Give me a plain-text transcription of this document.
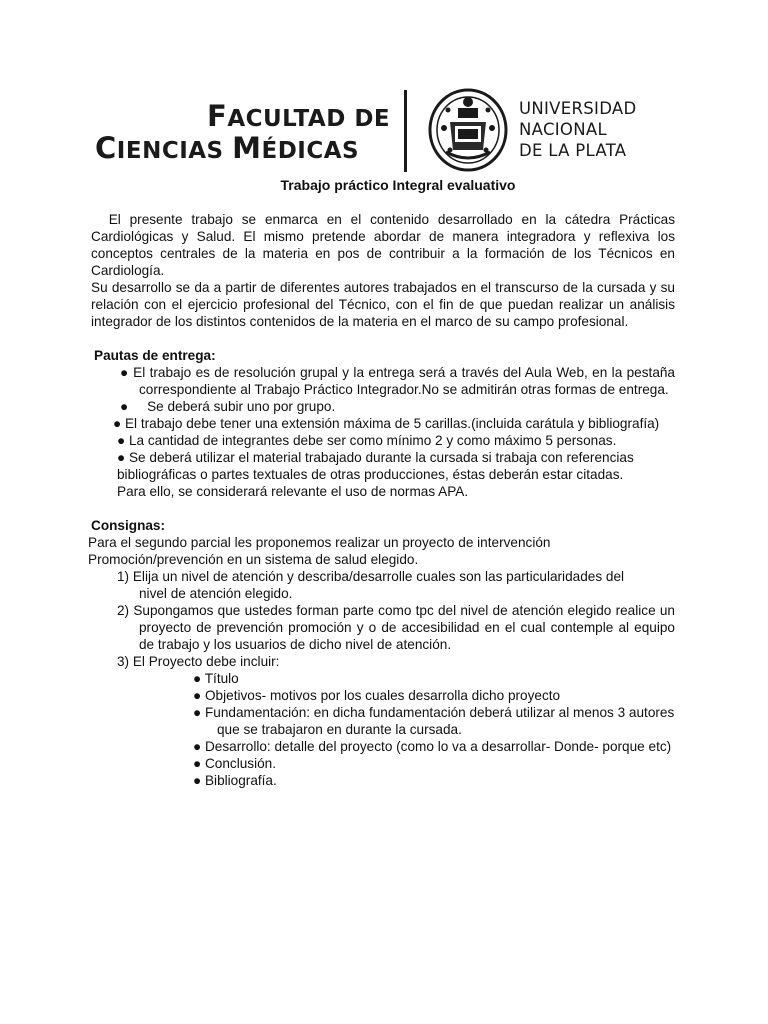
FACULTAD DE
CIENCIAS MÉDICAS
UNIVERSIDAD
NACIONAL
DE LA PLATA
Trabajo práctico Integral evaluativo

El presente trabajo se enmarca en el contenido desarrollado en la cátedra Prácticas Cardiológicas y Salud. El mismo pretende abordar de manera integradora y reflexiva los conceptos centrales de la materia en pos de contribuir a la formación de los Técnicos en Cardiología.

Su desarrollo se da a partir de diferentes autores trabajados en el transcurso de la cursada y su relación con el ejercicio profesional del Técnico, con el fin de que puedan realizar un análisis integrador de los distintos contenidos de la materia en el marco de su campo profesional.

Pautas de entrega:

● El trabajo es de resolución grupal y la entrega será a través del Aula Web, en la pestaña correspondiente al Trabajo Práctico Integrador.No se admitirán otras formas de entrega.

●     Se deberá subir uno por grupo.

● El trabajo debe tener una extensión máxima de 5 carillas.(incluida carátula y bibliografía)

● La cantidad de integrantes debe ser como mínimo 2 y como máximo 5 personas.

● Se deberá utilizar el material trabajado durante la cursada si trabaja con referencias bibliográficas o partes textuales de otras producciones, éstas deberán estar citadas.

Para ello, se considerará relevante el uso de normas APA.

Consignas:

Para el segundo parcial les proponemos realizar un proyecto de intervención Promoción/prevención en un sistema de salud elegido.

1) Elija un nivel de atención y describa/desarrolle cuales son las particularidades del nivel de atención elegido.

2) Supongamos que ustedes forman parte como tpc del nivel de atención elegido realice un proyecto de prevención promoción y o de accesibilidad en el cual contemple al equipo de trabajo y los usuarios de dicho nivel de atención.

3) El Proyecto debe incluir:

● Título

● Objetivos- motivos por los cuales desarrolla dicho proyecto

● Fundamentación: en dicha fundamentación deberá utilizar al menos 3 autores que se trabajaron en durante la cursada.

● Desarrollo: detalle del proyecto (como lo va a desarrollar- Donde- porque etc)

● Conclusión.

● Bibliografía.
